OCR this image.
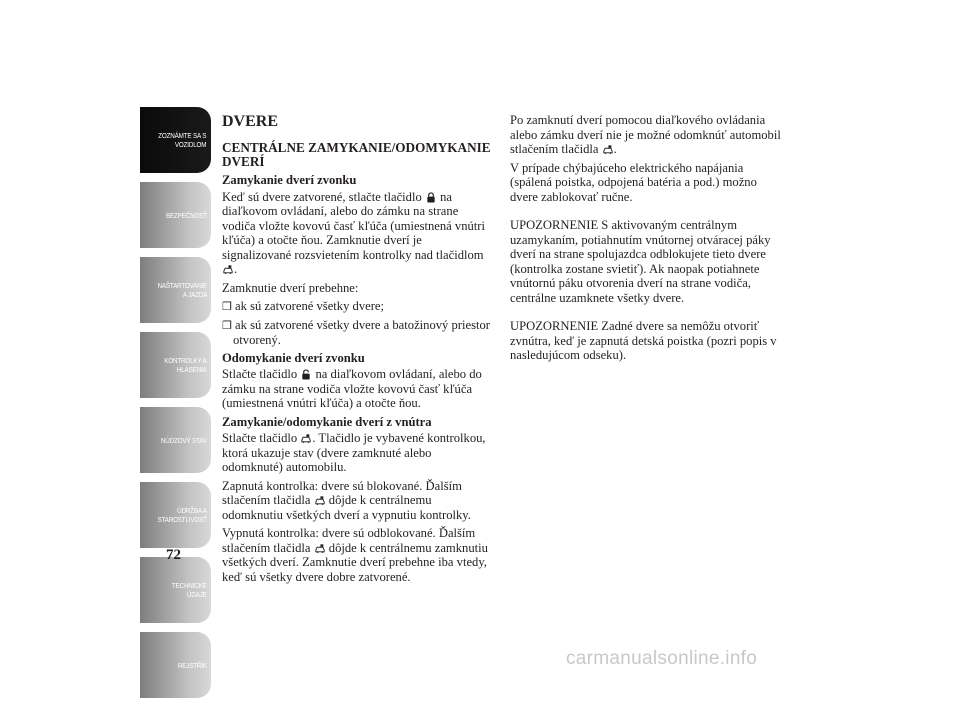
ZOZNÁMTE SA S
VOZIDLOM
BEZPEČNOSŤ
NAŠTARTOVANIE
A JAZDA
KONTROLKY A
HLÁSENIA
NÚDZOVÝ STAV
ÚDRŽBA A
STAROSTLIVOSŤ
TECHNICKÉ
ÚDAJE
REJSTŘÍK
72
DVERE
CENTRÁLNE ZAMYKANIE/ODOMYKANIE DVERÍ
Zamykanie dverí zvonku

Keď sú dvere zatvorené, stlačte tlačidlo na diaľkovom ovládaní, alebo do zámku na strane vodiča vložte kovovú časť kľúča (umiestnená vnútri kľúča) a otočte ňou. Zamknutie dverí je signalizované rozsvietením kontrolky nad tlačidlom .

Zamknutie dverí prebehne:

❒ ak sú zatvorené všetky dvere;

❒ ak sú zatvorené všetky dvere a batožinový priestor otvorený.

Odomykanie dverí zvonku

Stlačte tlačidlo na diaľkovom ovládaní, alebo do zámku na strane vodiča vložte kovovú časť kľúča (umiestnená vnútri kľúča) a otočte ňou.

Zamykanie/odomykanie dverí z vnútra

Stlačte tlačidlo . Tlačidlo je vybavené kontrolkou, ktorá ukazuje stav (dvere zamknuté alebo odomknuté) automobilu.

Zapnutá kontrolka: dvere sú blokované. Ďalším stlačením tlačidla dôjde k centrálnemu odomknutiu všetkých dverí a vypnutiu kontrolky.

Vypnutá kontrolka: dvere sú odblokované. Ďalším stlačením tlačidla dôjde k centrálnemu zamknutiu všetkých dverí. Zamknutie dverí prebehne iba vtedy, keď sú všetky dvere dobre zatvorené.

Po zamknutí dverí pomocou diaľkového ovládania alebo zámku dverí nie je možné odomknúť automobil stlačením tlačidla .

V prípade chýbajúceho elektrického napájania (spálená poistka, odpojená batéria a pod.) možno dvere zablokovať ručne.

UPOZORNENIE S aktivovaným centrálnym uzamykaním, potiahnutím vnútornej otváracej páky dverí na strane spolujazdca odblokujete tieto dvere (kontrolka zostane svietiť). Ak naopak potiahnete vnútornú páku otvorenia dverí na strane vodiča, centrálne uzamknete všetky dvere.

UPOZORNENIE Zadné dvere sa nemôžu otvoriť zvnútra, keď je zapnutá detská poistka (pozri popis v nasledujúcom odseku).

carmanualsonline.info
